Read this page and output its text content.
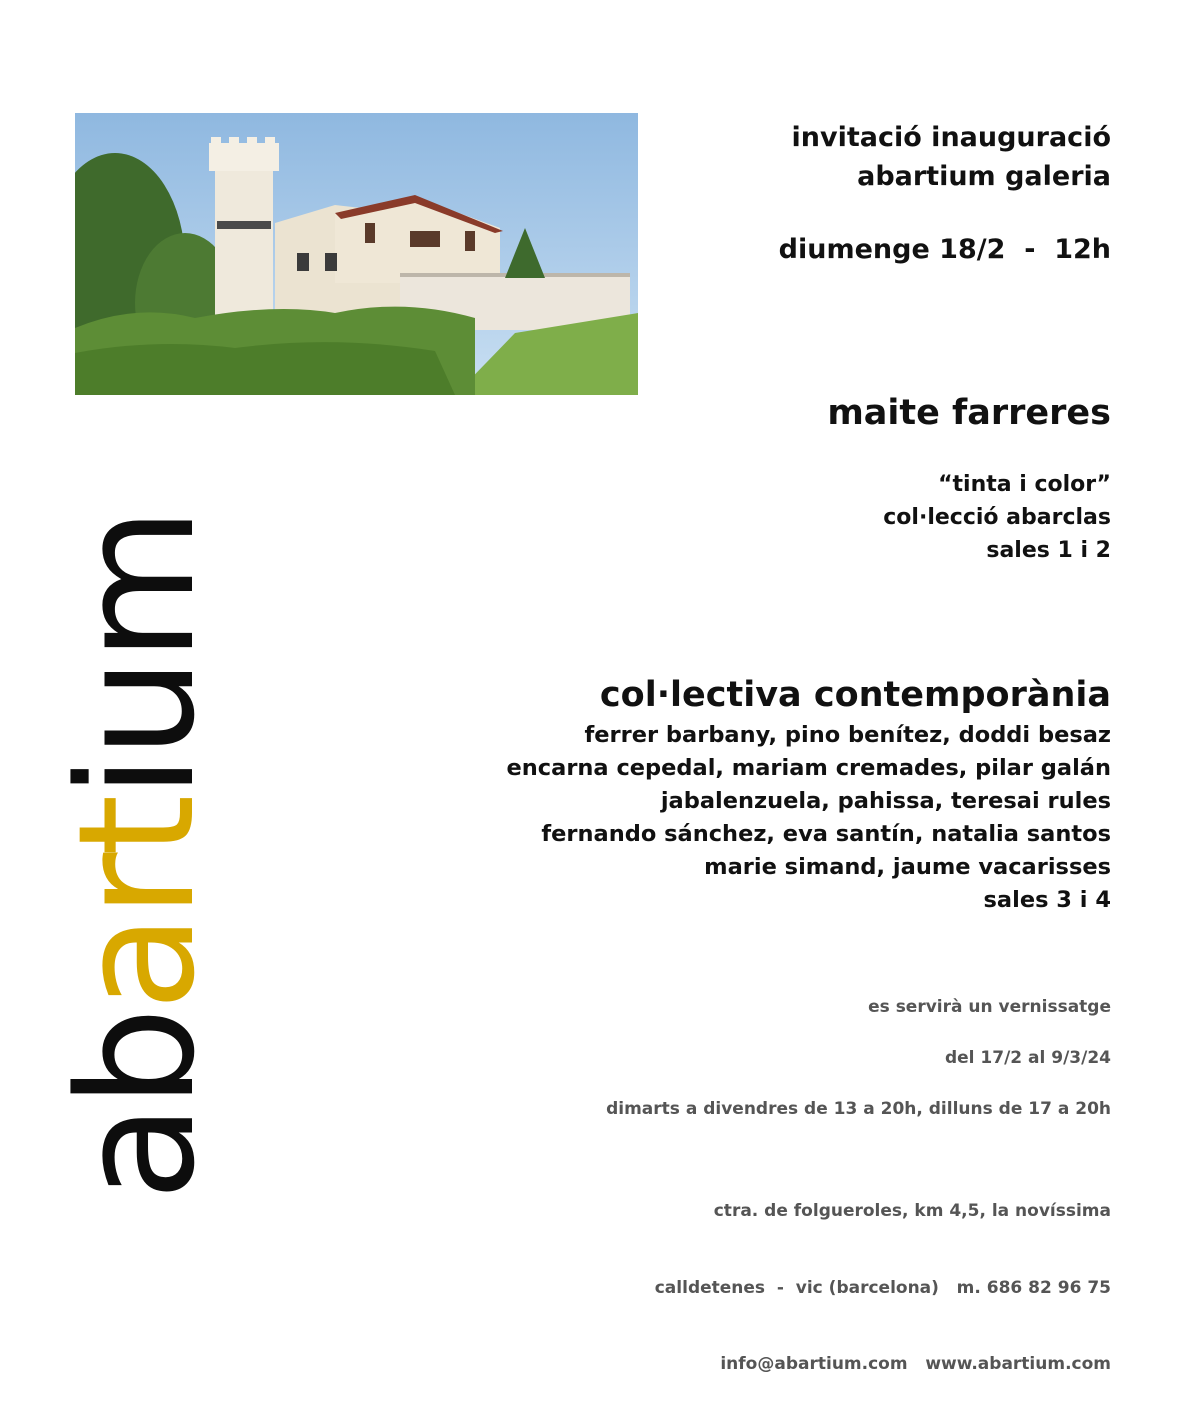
abartium
invitació inauguració
abartium galeria
diumenge 18/2  -  12h
maite farreres
“tinta i color”
col·lecció abarclas
sales 1 i 2
col·lectiva contemporània
ferrer barbany, pino benítez, doddi besaz
encarna cepedal, mariam cremades, pilar galán
jabalenzuela, pahissa, teresai rules
fernando sánchez, eva santín, natalia santos
marie simand, jaume vacarisses
sales 3 i 4
es servirà un vernissatge
del 17/2 al 9/3/24
dimarts a divendres de 13 a 20h, dilluns de 17 a 20h

ctra. de folgueroles, km 4,5, la novíssima

calldetenes  -  vic (barcelona)   m. 686 82 96 75

info@abartium.com   www.abartium.com
